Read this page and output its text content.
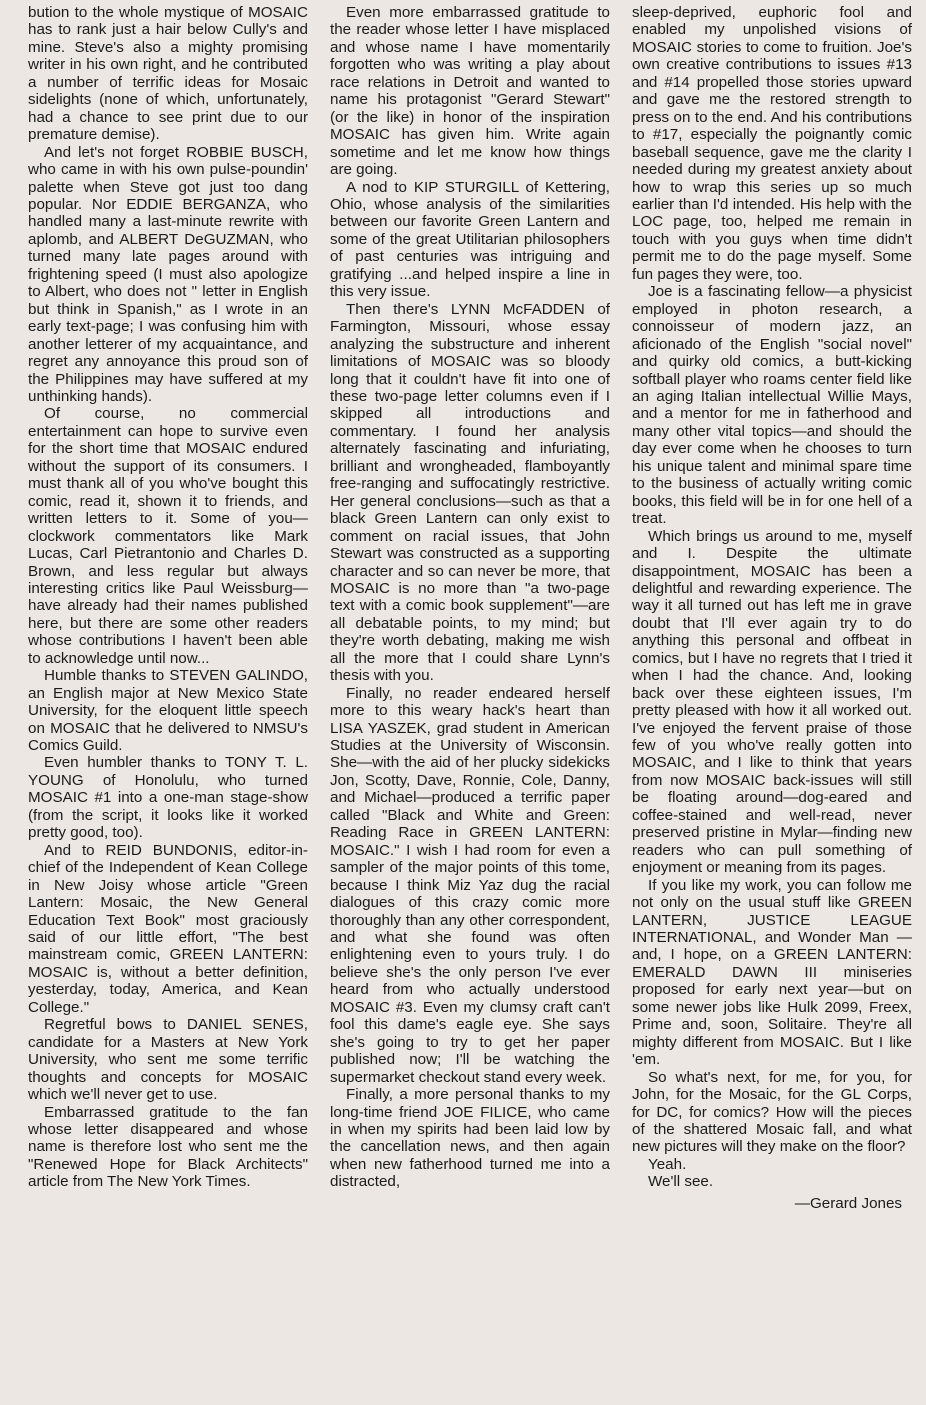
bution to the whole mystique of MOSAIC has to rank just a hair below Cully's and mine. Steve's also a mighty promising writer in his own right, and he contributed a number of terrific ideas for Mosaic sidelights (none of which, unfortunately, had a chance to see print due to our premature demise).

And let's not forget ROBBIE BUSCH, who came in with his own pulse-poundin' palette when Steve got just too dang popular. Nor EDDIE BERGANZA, who handled many a last-minute rewrite with aplomb, and ALBERT DeGUZMAN, who turned many late pages around with frightening speed (I must also apologize to Albert, who does not " letter in English but think in Spanish," as I wrote in an early text-page; I was confusing him with another letterer of my acquaintance, and regret any annoyance this proud son of the Philippines may have suffered at my unthinking hands).

Of course, no commercial entertainment can hope to survive even for the short time that MOSAIC endured without the support of its consumers. I must thank all of you who've bought this comic, read it, shown it to friends, and written letters to it. Some of you—clockwork commentators like Mark Lucas, Carl Pietrantonio and Charles D. Brown, and less regular but always interesting critics like Paul Weissburg—have already had their names published here, but there are some other readers whose contributions I haven't been able to acknowledge until now...

Humble thanks to STEVEN GALINDO, an English major at New Mexico State University, for the eloquent little speech on MOSAIC that he delivered to NMSU's Comics Guild.

Even humbler thanks to TONY T. L. YOUNG of Honolulu, who turned MOSAIC #1 into a one-man stage-show (from the script, it looks like it worked pretty good, too).

And to REID BUNDONIS, editor-in-chief of the Independent of Kean College in New Joisy whose article "Green Lantern: Mosaic, the New General Education Text Book" most graciously said of our little effort, "The best mainstream comic, GREEN LANTERN: MOSAIC is, without a better definition, yesterday, today, America, and Kean College."

Regretful bows to DANIEL SENES, candidate for a Masters at New York University, who sent me some terrific thoughts and concepts for MOSAIC which we'll never get to use.

Embarrassed gratitude to the fan whose letter disappeared and whose name is therefore lost who sent me the "Renewed Hope for Black Architects" article from The New York Times.

Even more embarrassed gratitude to the reader whose letter I have misplaced and whose name I have momentarily forgotten who was writing a play about race relations in Detroit and wanted to name his protagonist "Gerard Stewart" (or the like) in honor of the inspiration MOSAIC has given him. Write again sometime and let me know how things are going.

A nod to KIP STURGILL of Kettering, Ohio, whose analysis of the similarities between our favorite Green Lantern and some of the great Utilitarian philosophers of past centuries was intriguing and gratifying ...and helped inspire a line in this very issue.

Then there's LYNN McFADDEN of Farmington, Missouri, whose essay analyzing the substructure and inherent limitations of MOSAIC was so bloody long that it couldn't have fit into one of these two-page letter columns even if I skipped all introductions and commentary. I found her analysis alternately fascinating and infuriating, brilliant and wrongheaded, flamboyantly free-ranging and suffocatingly restrictive. Her general conclusions—such as that a black Green Lantern can only exist to comment on racial issues, that John Stewart was constructed as a supporting character and so can never be more, that MOSAIC is no more than "a two-page text with a comic book supplement"—are all debatable points, to my mind; but they're worth debating, making me wish all the more that I could share Lynn's thesis with you.

Finally, no reader endeared herself more to this weary hack's heart than LISA YASZEK, grad student in American Studies at the University of Wisconsin. She—with the aid of her plucky sidekicks Jon, Scotty, Dave, Ronnie, Cole, Danny, and Michael—produced a terrific paper called "Black and White and Green: Reading Race in GREEN LANTERN: MOSAIC." I wish I had room for even a sampler of the major points of this tome, because I think Miz Yaz dug the racial dialogues of this crazy comic more thoroughly than any other correspondent, and what she found was often enlightening even to yours truly. I do believe she's the only person I've ever heard from who actually understood MOSAIC #3. Even my clumsy craft can't fool this dame's eagle eye. She says she's going to try to get her paper published now; I'll be watching the supermarket checkout stand every week.

Finally, a more personal thanks to my long-time friend JOE FILICE, who came in when my spirits had been laid low by the cancellation news, and then again when new fatherhood turned me into a distracted,

sleep-deprived, euphoric fool and enabled my unpolished visions of MOSAIC stories to come to fruition. Joe's own creative contributions to issues #13 and #14 propelled those stories upward and gave me the restored strength to press on to the end. And his contributions to #17, especially the poignantly comic baseball sequence, gave me the clarity I needed during my greatest anxiety about how to wrap this series up so much earlier than I'd intended. His help with the LOC page, too, helped me remain in touch with you guys when time didn't permit me to do the page myself. Some fun pages they were, too.

Joe is a fascinating fellow—a physicist employed in photon research, a connoisseur of modern jazz, an aficionado of the English "social novel" and quirky old comics, a butt-kicking softball player who roams center field like an aging Italian intellectual Willie Mays, and a mentor for me in fatherhood and many other vital topics—and should the day ever come when he chooses to turn his unique talent and minimal spare time to the business of actually writing comic books, this field will be in for one hell of a treat.

Which brings us around to me, myself and I. Despite the ultimate disappointment, MOSAIC has been a delightful and rewarding experience. The way it all turned out has left me in grave doubt that I'll ever again try to do anything this personal and offbeat in comics, but I have no regrets that I tried it when I had the chance. And, looking back over these eighteen issues, I'm pretty pleased with how it all worked out. I've enjoyed the fervent praise of those few of you who've really gotten into MOSAIC, and I like to think that years from now MOSAIC back-issues will still be floating around—dog-eared and coffee-stained and well-read, never preserved pristine in Mylar—finding new readers who can pull something of enjoyment or meaning from its pages.

If you like my work, you can follow me not only on the usual stuff like GREEN LANTERN, JUSTICE LEAGUE INTERNATIONAL, and Wonder Man —and, I hope, on a GREEN LANTERN: EMERALD DAWN III miniseries proposed for early next year—but on some newer jobs like Hulk 2099, Freex, Prime and, soon, Solitaire. They're all mighty different from MOSAIC. But I like 'em.

So what's next, for me, for you, for John, for the Mosaic, for the GL Corps, for DC, for comics? How will the pieces of the shattered Mosaic fall, and what new pictures will they make on the floor?

Yeah.

We'll see.

—Gerard Jones
